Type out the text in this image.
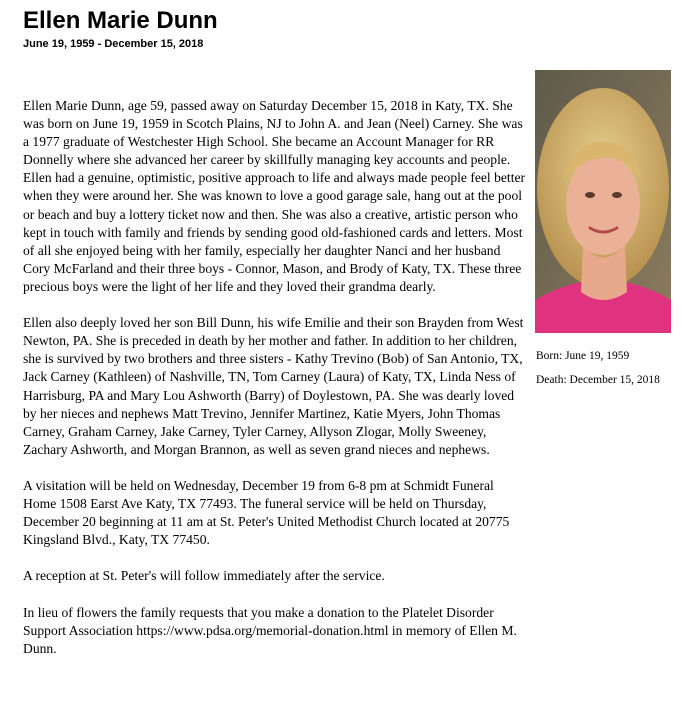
Ellen Marie Dunn
June 19, 1959 - December 15, 2018

Ellen Marie Dunn, age 59, passed away on Saturday December 15, 2018 in Katy, TX. She was born on June 19, 1959 in Scotch Plains, NJ to John A. and Jean (Neel) Carney. She was a 1977 graduate of Westchester High School. She became an Account Manager for RR Donnelly where she advanced her career by skillfully managing key accounts and people. Ellen had a genuine, optimistic, positive approach to life and always made people feel better when they were around her. She was known to love a good garage sale, hang out at the pool or beach and buy a lottery ticket now and then. She was also a creative, artistic person who kept in touch with family and friends by sending good old-fashioned cards and letters. Most of all she enjoyed being with her family, especially her daughter Nanci and her husband Cory McFarland and their three boys - Connor, Mason, and Brody of Katy, TX. These three precious boys were the light of her life and they loved their grandma dearly.

Ellen also deeply loved her son Bill Dunn, his wife Emilie and their son Brayden from West Newton, PA. She is preceded in death by her mother and father. In addition to her children, she is survived by two brothers and three sisters - Kathy Trevino (Bob) of San Antonio, TX, Jack Carney (Kathleen) of Nashville, TN, Tom Carney (Laura) of Katy, TX, Linda Ness of Harrisburg, PA and Mary Lou Ashworth (Barry) of Doylestown, PA. She was dearly loved by her nieces and nephews Matt Trevino, Jennifer Martinez, Katie Myers, John Thomas Carney, Graham Carney, Jake Carney, Tyler Carney, Allyson Zlogar, Molly Sweeney, Zachary Ashworth, and Morgan Brannon, as well as seven grand nieces and nephews.

A visitation will be held on Wednesday, December 19 from 6-8 pm at Schmidt Funeral Home 1508 Earst Ave Katy, TX 77493. The funeral service will be held on Thursday, December 20 beginning at 11 am at St. Peter's United Methodist Church located at 20775 Kingsland Blvd., Katy, TX 77450.

A reception at St. Peter's will follow immediately after the service.

In lieu of flowers the family requests that you make a donation to the Platelet Disorder Support Association https://www.pdsa.org/memorial-donation.html in memory of Ellen M. Dunn.

Born: June 19, 1959
Death: December 15, 2018
